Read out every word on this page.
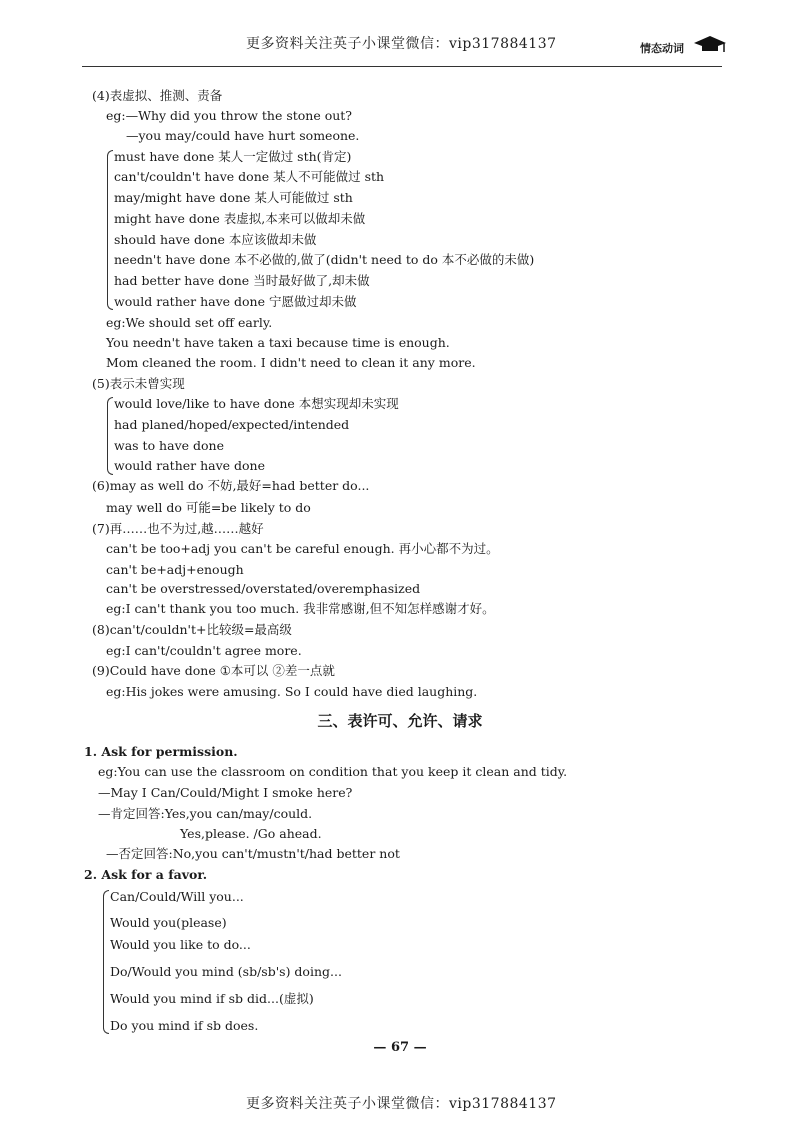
更多资料关注英子小课堂微信：vip317884137	情态动词
(4)表虚拟、推测、责备
eg:—Why did you throw the stone out?
—you may/could have hurt someone.
must have done 某人一定做过 sth(肯定)
can't/couldn't have done 某人不可能做过 sth
may/might have done 某人可能做过 sth
might have done 表虚拟,本来可以做却未做
should have done 本应该做却未做
needn't have done 本不必做的,做了(didn't need to do 本不必做的未做)
had better have done 当时最好做了,却未做
would rather have done 宁愿做过却未做
eg:We should set off early.
You needn't have taken a taxi because time is enough.
Mom cleaned the room. I didn't need to clean it any more.
(5)表示未曾实现
would love/like to have done 本想实现却未实现
had planed/hoped/expected/intended
was to have done
would rather have done
(6)may as well do 不妨,最好=had better do...
may well do 可能=be likely to do
(7)再……也不为过,越……越好
can't be too+adj you can't be careful enough. 再小心都不为过。
can't be+adj+enough
can't be overstressed/overstated/overemphasized
eg:I can't thank you too much. 我非常感谢,但不知怎样感谢才好。
(8)can't/couldn't+比较级=最高级
eg:I can't/couldn't agree more.
(9)Could have done ①本可以 ②差一点就
eg:His jokes were amusing. So I could have died laughing.
三、表许可、允许、请求
1. Ask for permission.
eg:You can use the classroom on condition that you keep it clean and tidy.
—May I Can/Could/Might I smoke here?
—肯定回答:Yes,you can/may/could.
Yes,please. /Go ahead.
—否定回答:No,you can't/mustn't/had better not
2. Ask for a favor.
Can/Could/Will you...
Would you(please)
Would you like to do...
Do/Would you mind (sb/sb's) doing...
Would you mind if sb did...(虚拟)
Do you mind if sb does.
— 67 —
更多资料关注英子小课堂微信：vip317884137
